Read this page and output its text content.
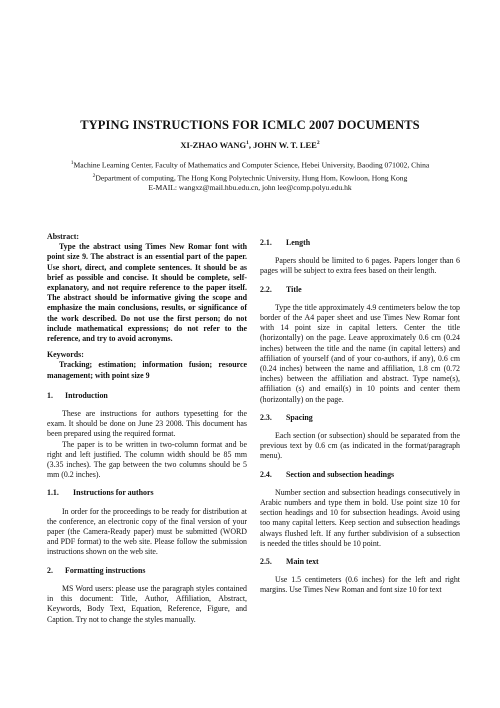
TYPING INSTRUCTIONS FOR ICMLC 2007 DOCUMENTS
XI-ZHAO WANG$^1$, JOHN W. T. LEE$^2$
$^1$Machine Learning Center, Faculty of Mathematics and Computer Science, Hebei University, Baoding 071002, China
$^2$Department of computing, The Hong Kong Polytechnic University, Hung Hom, Kowloon, Hong Kong
E-MAIL: wangxz@mail.hbu.edu.cn, john lee@comp.polyu.edu.hk

Abstract:

Type the abstract using Times New Romar font with point size 9. The abstract is an essential part of the paper. Use short, direct, and complete sentences. It should be as brief as possible and concise. It should be complete, self-explanatory, and not require reference to the paper itself. The abstract should be informative giving the scope and emphasize the main conclusions, results, or significance of the work described. Do not use the first person; do not include mathematical expressions; do not refer to the reference, and try to avoid acronyms.

Keywords:

Tracking; estimation; information fusion; resource management; with point size 9

1.	Introduction

These are instructions for authors typesetting for the exam. It should be done on June 23 2008. This document has been prepared using the required format.

The paper is to be written in two-column format and be right and left justified. The column width should be 85 mm (3.35 inches). The gap between the two columns should be 5 mm (0.2 inches).

1.1.	Instructions for authors

In order for the proceedings to be ready for distribution at the conference, an electronic copy of the final version of your paper (the Camera-Ready paper) must be submitted (WORD and PDF format) to the web site. Please follow the submission instructions shown on the web site.

2.	Formatting instructions

MS Word users: please use the paragraph styles contained in this document: Title, Author, Affiliation, Abstract, Keywords, Body Text, Equation, Reference, Figure, and Caption. Try not to change the styles manually.

2.1.	Length

Papers should be limited to 6 pages. Papers longer than 6 pages will be subject to extra fees based on their length.

2.2.	Title

Type the title approximately 4.9 centimeters below the top border of the A4 paper sheet and use Times New Romar font with 14 point size in capital letters. Center the title (horizontally) on the page. Leave approximately 0.6 cm (0.24 inches) between the title and the name (in capital letters) and affiliation of yourself (and of your co-authors, if any), 0.6 cm (0.24 inches) between the name and affiliation, 1.8 cm (0.72 inches) between the affiliation and abstract. Type name(s), affiliation (s) and email(s) in 10 points and center them (horizontally) on the page.

2.3.	Spacing

Each section (or subsection) should be separated from the previous text by 0.6 cm (as indicated in the format/paragraph menu).

2.4.	Section and subsection headings

Number section and subsection headings consecutively in Arabic numbers and type them in bold. Use point size 10 for section headings and 10 for subsection headings. Avoid using too many capital letters. Keep section and subsection headings always flushed left. If any further subdivision of a subsection is needed the titles should be 10 point.

2.5.	Main text

Use 1.5 centimeters (0.6 inches) for the left and right margins. Use Times New Roman and font size 10 for text
